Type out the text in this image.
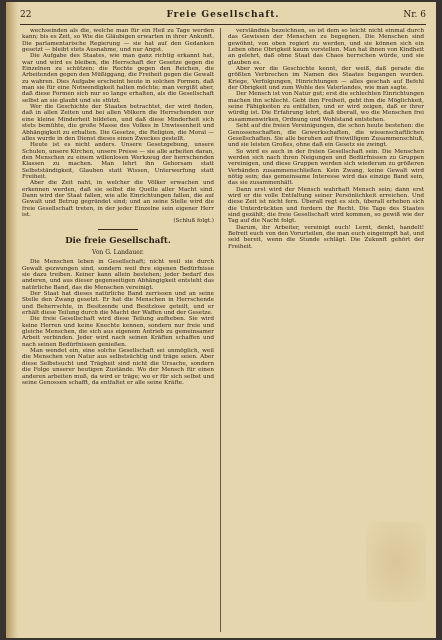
22	Freie Gesellschaft.	Nr. 6

wechseinden als die, welche man für ein Heil zu Tage werden kann; bis es Zeit, so Wie die Gläubigen erwarten in ihrer Ankunft. Die parlamentarische Regierung — sie hat auf den Gedanken gesetzt — bleibt stets Ausnahme, und nur Angst.

Die Aufgabe des Staates, wie man ganz richtig erkannt hat, war und wird es bleiben, die Herrschaft der Gesetze gegen die Einzelnen zu schützen; die Rechte gegen den Reichen, die Arbeitenden gegen den Müßiggang, die Freiheit gegen die Gewalt zu wahren. Dies Aufgabe erscheint heute in solchen Formen, daß man sie für eine Notwendigkeit halten möchte; man vergißt aber, daß diese Formen sich nur so lange erhalten, als die Gesellschaft selbst an sie glaubt und sie stützt.

Wer die Geschichte der Staaten betrachtet, der wird finden, daß in allen Zeiten und bei allen Völkern die Herrschenden nur eine kleine Minderheit bildeten, und daß diese Minderheit sich stets bemühte, die große Masse des Volkes in Unwissenheit und Abhängigkeit zu erhalten. Die Gesetze, die Religion, die Moral — alles wurde in den Dienst dieses einen Zweckes gestellt.

Heute ist es nicht anders. Unsere Gesetzgebung, unsere Schulen, unsere Kirchen, unsere Presse — sie alle arbeiten daran, den Menschen zu einem willenlosen Werkzeug der herrschenden Klassen zu machen. Man lehrt ihn Gehorsam statt Selbstständigkeit, Glauben statt Wissen, Unterwerfung statt Freiheit.

Aber die Zeit naht, in welcher die Völker erwachen und erkennen werden, daß sie selbst die Quelle aller Macht sind. Dann wird der Staat fallen, wie alle Einrichtungen fallen, die auf Gewalt und Betrug gegründet sind; und an seine Stelle wird die freie Gesellschaft treten, in der jeder Einzelne sein eigener Herr ist.

(Schluß folgt.)
Die freie Gesellschaft.
Von G. Landauer.

Die Menschen leben in Gesellschaft; nicht weil sie durch Gewalt gezwungen sind, sondern weil ihre eigenen Bedürfnisse sie dazu treiben. Keiner kann allein bestehen; jeder bedarf des anderen, und aus dieser gegenseitigen Abhängigkeit entsteht das natürliche Band, das die Menschen vereinigt.

Der Staat hat dieses natürliche Band zerrissen und an seine Stelle den Zwang gesetzt. Er hat die Menschen in Herrschende und Beherrschte, in Besitzende und Besitzlose geteilt, und er erhält diese Teilung durch die Macht der Waffen und der Gesetze.

Die freie Gesellschaft wird diese Teilung aufheben. Sie wird keine Herren und keine Knechte kennen, sondern nur freie und gleiche Menschen, die sich aus eigenem Antrieb zu gemeinsamer Arbeit verbinden. Jeder wird nach seinen Kräften schaffen und nach seinen Bedürfnissen genießen.

Man wendet ein, eine solche Gesellschaft sei unmöglich, weil die Menschen von Natur aus selbstsüchtig und träge seien. Aber diese Selbstsucht und Trägheit sind nicht die Ursache, sondern die Folge unserer heutigen Zustände. Wo der Mensch für einen anderen arbeiten muß, da wird er träge; wo er für sich selbst und seine Genossen schafft, da entfaltet er alle seine Kräfte.

verständnis bezeichnen, so ist dem so leicht nicht einmal durch das Gewissen der Menschen zu begegnen. Die Menschen sind gewöhnt, von oben regiert zu werden, und sie können sich ein Leben ohne Obrigkeit kaum vorstellen. Man hat ihnen von Kindheit an gelehrt, daß ohne Staat das Chaos herrschen würde, und sie glauben es.

Aber wer die Geschichte kennt, der weiß, daß gerade die größten Verbrechen im Namen des Staates begangen wurden. Kriege, Verfolgungen, Hinrichtungen — alles geschah auf Befehl der Obrigkeit und zum Wohle des Vaterlandes, wie man sagte.

Der Mensch ist von Natur gut; erst die schlechten Einrichtungen machen ihn schlecht. Gebt ihm Freiheit, gebt ihm die Möglichkeit, seine Fähigkeiten zu entfalten, und er wird zeigen, daß er ihrer würdig ist. Die Erfahrung lehrt, daß überall, wo die Menschen frei zusammenwirken, Ordnung und Wohlstand entstehen.

Seht auf die freien Vereinigungen, die schon heute bestehen: die Genossenschaften, die Gewerkschaften, die wissenschaftlichen Gesellschaften. Sie alle beruhen auf freiwilligem Zusammenschluß, und sie leisten Großes, ohne daß ein Gesetz sie zwingt.

So wird es auch in der freien Gesellschaft sein. Die Menschen werden sich nach ihren Neigungen und Bedürfnissen zu Gruppen vereinigen, und diese Gruppen werden sich wiederum zu größeren Verbänden zusammenschließen. Kein Zwang, keine Gewalt wird nötig sein; das gemeinsame Interesse wird das einzige Band sein, das sie zusammenhält.

Dann erst wird der Mensch wahrhaft Mensch sein; dann erst wird er die volle Entfaltung seiner Persönlichkeit erreichen. Und diese Zeit ist nicht fern. Überall regt es sich, überall erheben sich die Unterdrückten und fordern ihr Recht. Die Tage des Staates sind gezählt; die freie Gesellschaft wird kommen, so gewiß wie der Tag auf die Nacht folgt.

Darum, ihr Arbeiter, vereinigt euch! Lernt, denkt, handelt! Befreit euch von den Vorurteilen, die man euch eingeimpft hat, und seid bereit, wenn die Stunde schlägt. Die Zukunft gehört der Freiheit.
